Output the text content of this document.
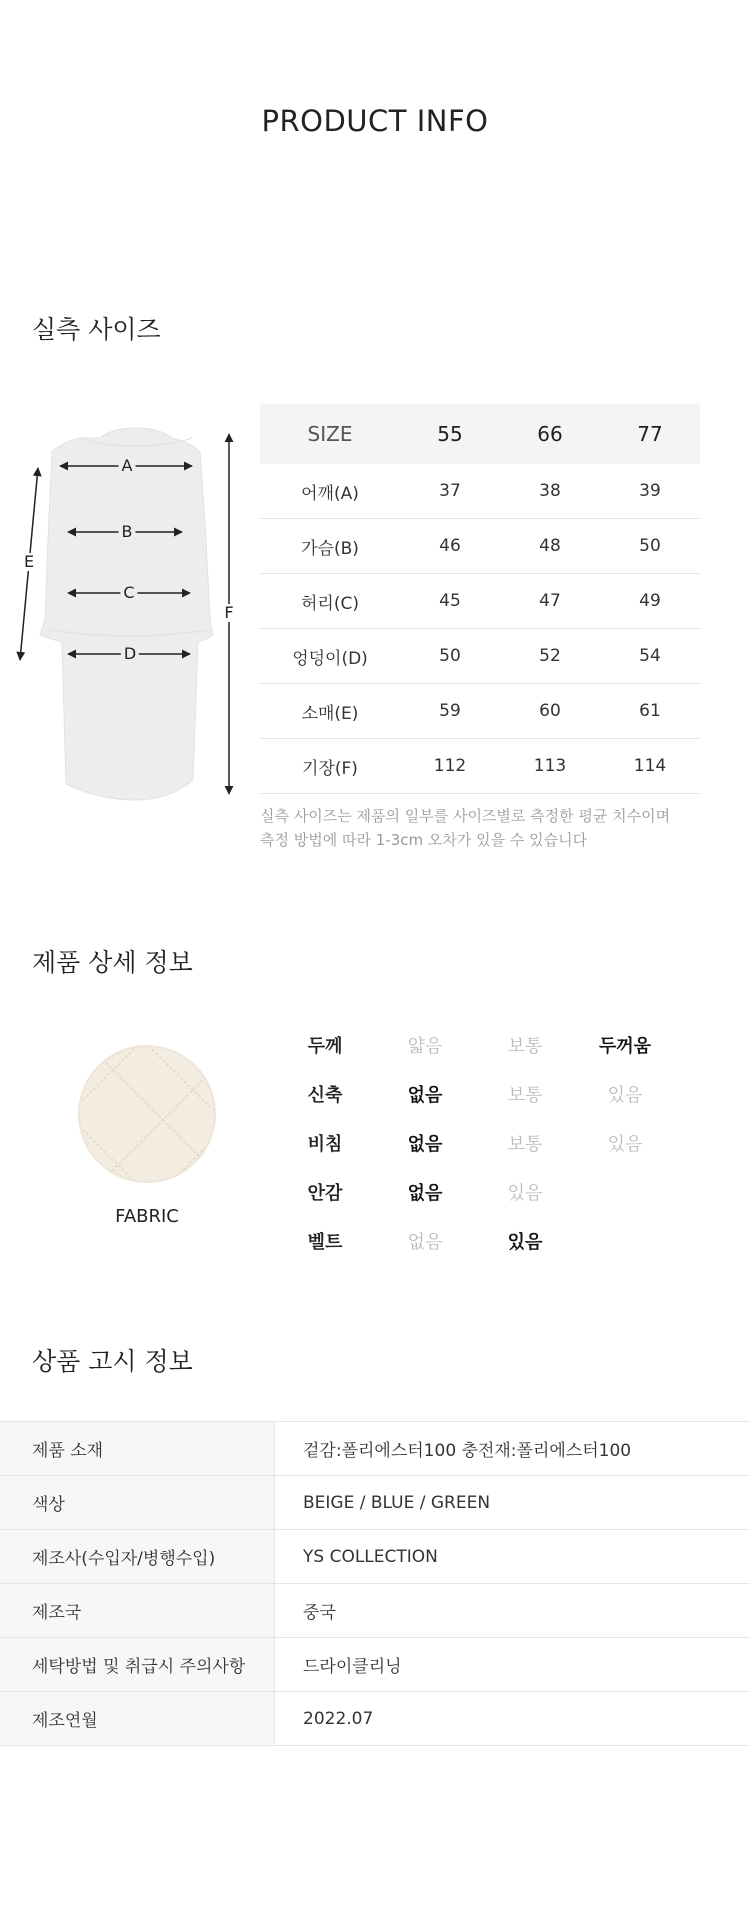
PRODUCT INFO
실측 사이즈
A
B
C
D
E
F
SIZE	55	66	77
어깨(A)	37	38	39
가슴(B)	46	48	50
허리(C)	45	47	49
엉덩이(D)	50	52	54
소매(E)	59	60	61
기장(F)	112	113	114
실측 사이즈는 제품의 일부를 사이즈별로 측정한 평균 치수이며
측정 방법에 따라 1-3cm 오차가 있을 수 있습니다
제품 상세 정보
FABRIC
두께	얇음	보통	두꺼움
신축	없음	보통	있음
비침	없음	보통	있음
안감	없음	있음
벨트	없음	있음
상품 고시 정보
제품 소재	겉감:폴리에스터100 충전재:폴리에스터100
색상	BEIGE / BLUE / GREEN
제조사(수입자/병행수입)	YS COLLECTION
제조국	중국
세탁방법 및 취급시 주의사항	드라이클리닝
제조연월	2022.07
